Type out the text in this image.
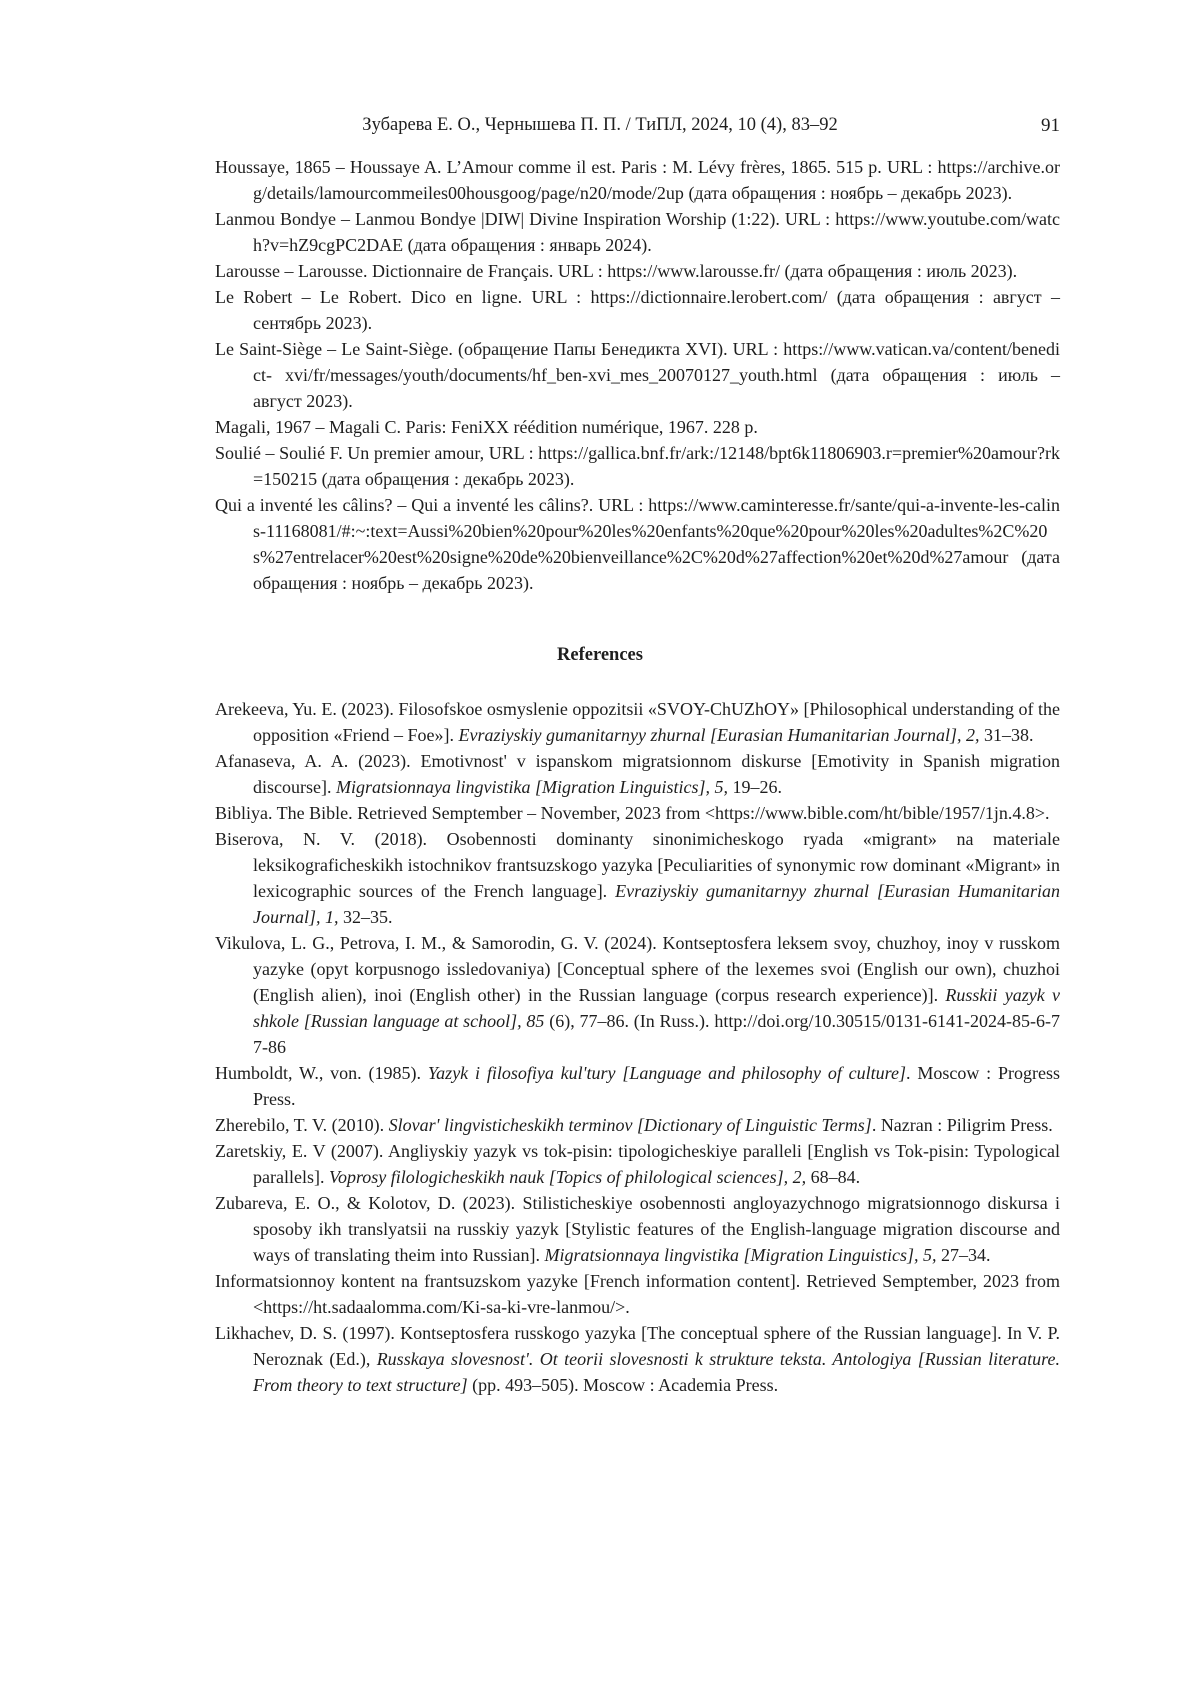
Зубарева Е. О., Чернышева П. П. / ТиПЛ, 2024, 10 (4), 83–92	91

Houssaye, 1865 – Houssaye A. L’Amour comme il est. Paris : M. Lévy frères, 1865. 515 p. URL : https://archive.org/details/lamourcommeiles00housgoog/page/n20/mode/2up (дата обращения : ноябрь – декабрь 2023).

Lanmou Bondye – Lanmou Bondye |DIW| Divine Inspiration Worship (1:22). URL : https://www.youtube.com/watch?v=hZ9cgPC2DAE (дата обращения : январь 2024).

Larousse – Larousse. Dictionnaire de Français. URL : https://www.larousse.fr/ (дата обращения : июль 2023).

Le Robert – Le Robert. Dico en ligne. URL : https://dictionnaire.lerobert.com/ (дата обращения : август – сентябрь 2023).

Le Saint-Siège – Le Saint-Siège. (обращение Папы Бенедикта XVI). URL : https://www.vatican.va/content/benedict- xvi/fr/messages/youth/documents/hf_ben-xvi_mes_20070127_youth.html (дата обращения : июль – август 2023).

Magali, 1967 – Magali C. Paris: FeniXX réédition numérique, 1967. 228 p.

Soulié – Soulié F. Un premier amour, URL : https://gallica.bnf.fr/ark:/12148/bpt6k11806903.r=premier%20amour?rk=150215 (дата обращения : декабрь 2023).

Qui a inventé les câlins? – Qui a inventé les câlins?. URL : https://www.caminteresse.fr/sante/qui-a-invente-les-calins-11168081/#:~:text=Aussi%20bien%20pour%20les%20enfants%20que%20pour%20les%20adultes%2C%20s%27entrelacer%20est%20signe%20de%20bienveillance%2C%20d%27affection%20et%20d%27amour (дата обращения : ноябрь – декабрь 2023).

References

Arekeeva, Yu. E. (2023). Filosofskoe osmyslenie oppozitsii «SVOY-ChUZhOY» [Philosophical understanding of the opposition «Friend – Foe»]. Evraziyskiy gumanitarnyy zhurnal [Eurasian Humanitarian Journal], 2, 31–38.

Afanaseva, A. A. (2023). Emotivnost' v ispanskom migratsionnom diskurse [Emotivity in Spanish migration discourse]. Migratsionnaya lingvistika [Migration Linguistics], 5, 19–26.

Bibliya. The Bible. Retrieved Semptember – November, 2023 from <https://www.bible.com/ht/bible/1957/1jn.4.8>.

Biserova, N. V. (2018). Osobennosti dominanty sinonimicheskogo ryada «migrant» na materiale leksikograficheskikh istochnikov frantsuzskogo yazyka [Peculiarities of synonymic row dominant «Migrant» in lexicographic sources of the French language]. Evraziyskiy gumanitarnyy zhurnal [Eurasian Humanitarian Journal], 1, 32–35.

Vikulova, L. G., Petrova, I. M., & Samorodin, G. V. (2024). Kontseptosfera leksem svoy, chuzhoy, inoy v russkom yazyke (opyt korpusnogo issledovaniya) [Conceptual sphere of the lexemes svoi (English our own), chuzhoi (English alien), inoi (English other) in the Russian language (corpus research experience)]. Russkii yazyk v shkole [Russian language at school], 85 (6), 77–86. (In Russ.). http://doi.org/10.30515/0131-6141-2024-85-6-77-86

Humboldt, W., von. (1985). Yazyk i filosofiya kul'tury [Language and philosophy of culture]. Moscow : Progress Press.

Zherebilo, T. V. (2010). Slovar' lingvisticheskikh terminov [Dictionary of Linguistic Terms]. Nazran : Piligrim Press.

Zaretskiy, E. V (2007). Angliyskiy yazyk vs tok-pisin: tipologicheskiye paralleli [English vs Tok-pisin: Typological parallels]. Voprosy filologicheskikh nauk [Topics of philological sciences], 2, 68–84.

Zubareva, E. O., & Kolotov, D. (2023). Stilisticheskiye osobennosti angloyazychnogo migratsionnogo diskursa i sposoby ikh translyatsii na russkiy yazyk [Stylistic features of the English-language migration discourse and ways of translating theim into Russian]. Migratsionnaya lingvistika [Migration Linguistics], 5, 27–34.

Informatsionnoy kontent na frantsuzskom yazyke [French information content]. Retrieved Semptember, 2023 from <https://ht.sadaalomma.com/Ki-sa-ki-vre-lanmou/>.

Likhachev, D. S. (1997). Kontseptosfera russkogo yazyka [The conceptual sphere of the Russian language]. In V. P. Neroznak (Ed.), Russkaya slovesnost'. Ot teorii slovesnosti k strukture teksta. Antologiya [Russian literature. From theory to text structure] (pp. 493–505). Moscow : Academia Press.
